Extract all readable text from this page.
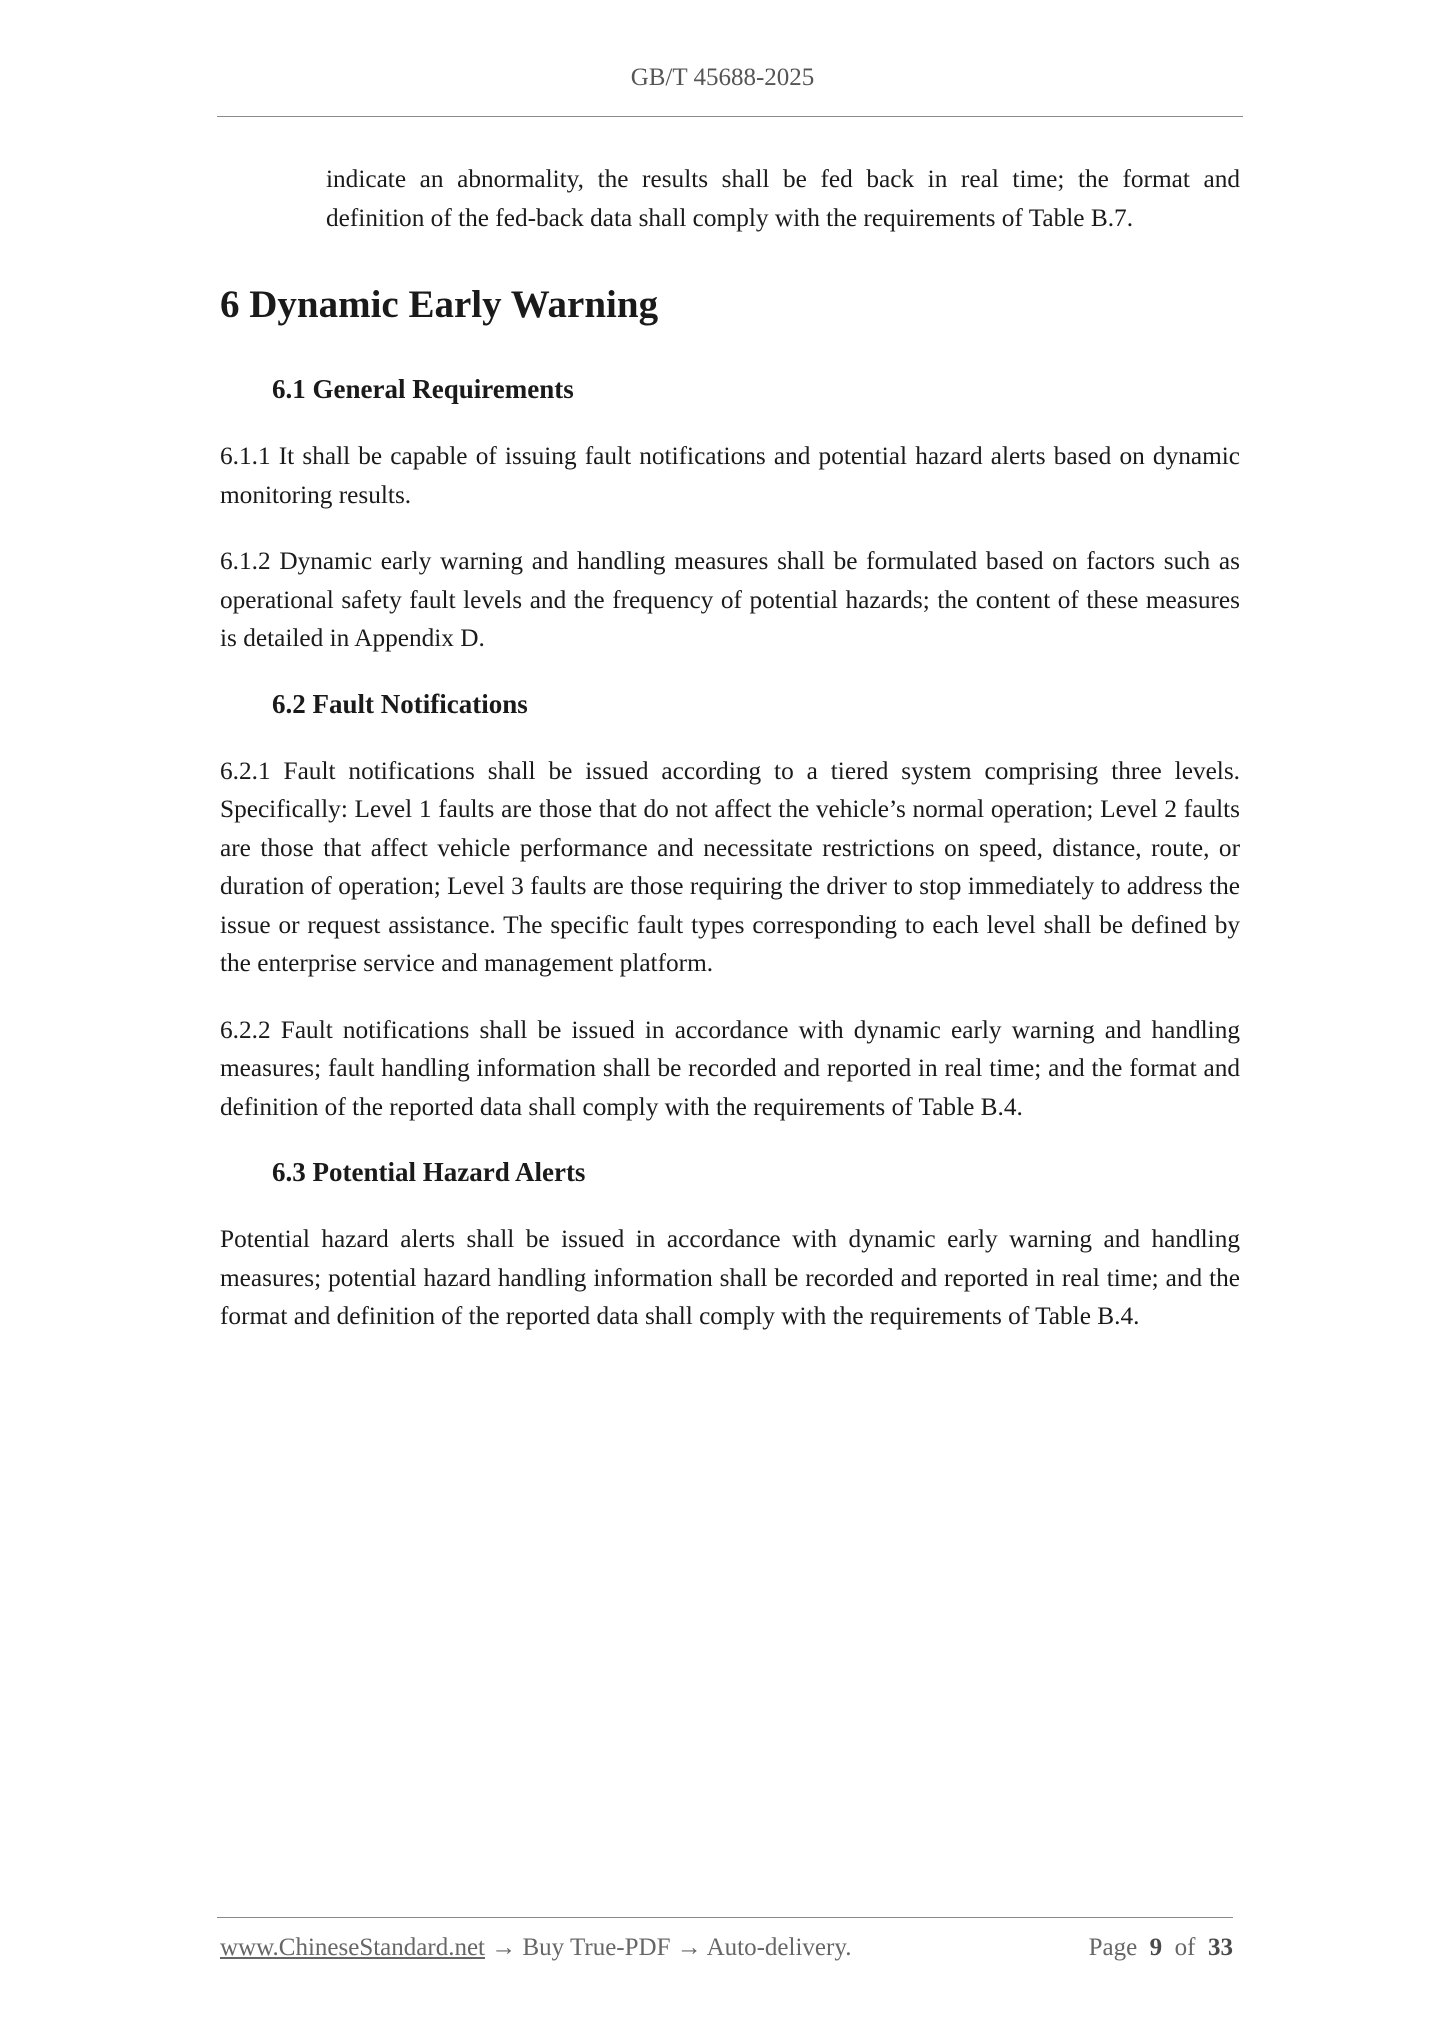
GB/T 45688-2025

indicate an abnormality, the results shall be fed back in real time; the format and definition of the fed-back data shall comply with the requirements of Table B.7.

6 Dynamic Early Warning
6.1 General Requirements

6.1.1 It shall be capable of issuing fault notifications and potential hazard alerts based on dynamic monitoring results.

6.1.2 Dynamic early warning and handling measures shall be formulated based on factors such as operational safety fault levels and the frequency of potential hazards; the content of these measures is detailed in Appendix D.

6.2 Fault Notifications

6.2.1 Fault notifications shall be issued according to a tiered system comprising three levels. Specifically: Level 1 faults are those that do not affect the vehicle’s normal operation; Level 2 faults are those that affect vehicle performance and necessitate restrictions on speed, distance, route, or duration of operation; Level 3 faults are those requiring the driver to stop immediately to address the issue or request assistance. The specific fault types corresponding to each level shall be defined by the enterprise service and management platform.

6.2.2 Fault notifications shall be issued in accordance with dynamic early warning and handling measures; fault handling information shall be recorded and reported in real time; and the format and definition of the reported data shall comply with the requirements of Table B.4.

6.3 Potential Hazard Alerts

Potential hazard alerts shall be issued in accordance with dynamic early warning and handling measures; potential hazard handling information shall be recorded and reported in real time; and the format and definition of the reported data shall comply with the requirements of Table B.4.

www.ChineseStandard.net → Buy True-PDF → Auto-delivery.	Page 9 of 33
